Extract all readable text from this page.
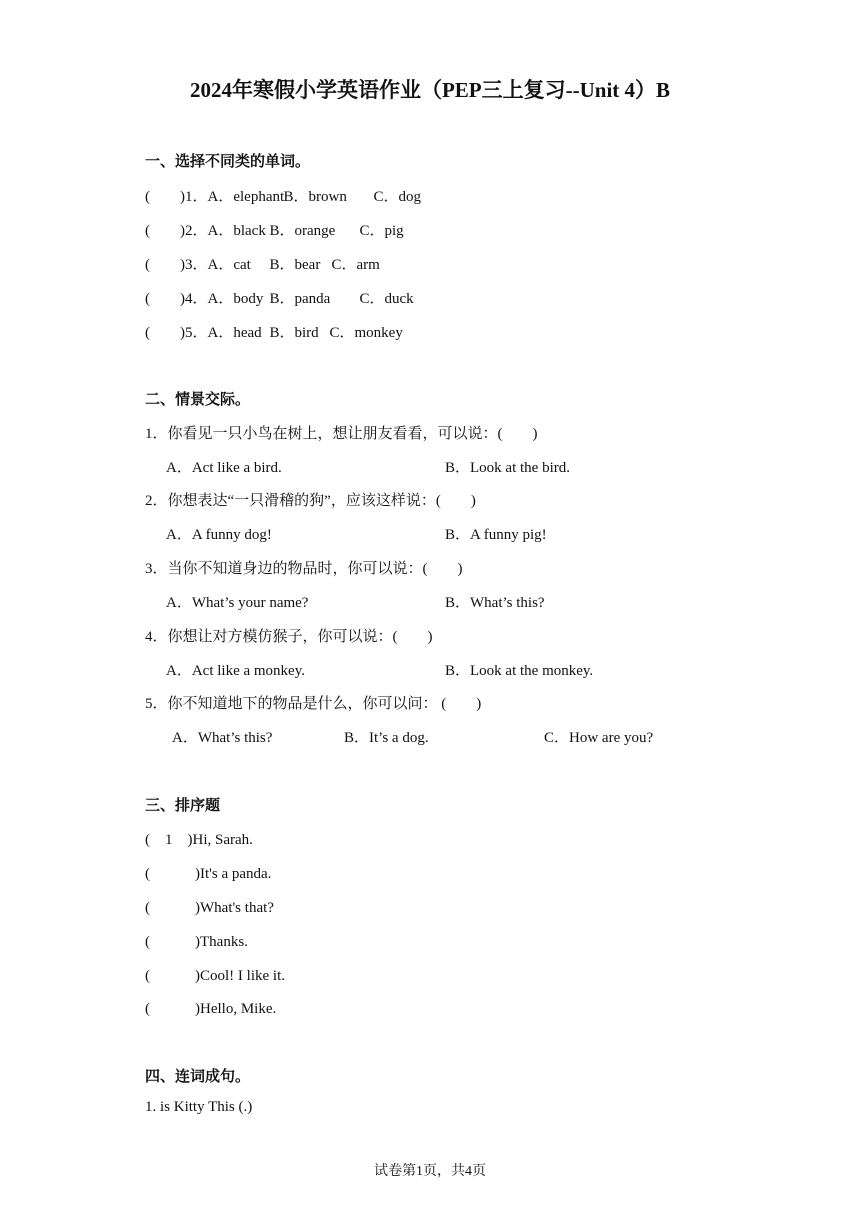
2024年寒假小学英语作业（PEP三上复习--Unit 4）B
一、选择不同类的单词。
(　　)1．A．elephantB．brown C．dog
(　　)2．A．black B．orange C．pig
(　　)3．A．cat B．bear C．arm
(　　)4．A．body B．panda C．duck
(　　)5．A．head B．bird C．monkey
二、情景交际。
1．你看见一只小鸟在树上，想让朋友看看，可以说：(　　)
A．Act like a bird.	B．Look at the bird.
2．你想表达“一只滑稽的狗”，应该这样说：(　　)
A．A funny dog!	B．A funny pig!
3．当你不知道身边的物品时，你可以说：(　　)
A．What’s your name?	B．What’s this?
4．你想让对方模仿猴子，你可以说：(　　)
A．Act like a monkey.	B．Look at the monkey.
5．你不知道地下的物品是什么，你可以问： (　　)
A．What’s this?	B．It’s a dog.	C．How are you?
三、排序题
(　1　)Hi, Sarah.
(　　　)It's a panda.
(　　　)What's that?
(　　　)Thanks.
(　　　)Cool! I like it.
(　　　)Hello, Mike.
四、连词成句。
1. is Kitty This (.)
试卷第1页，共4页
